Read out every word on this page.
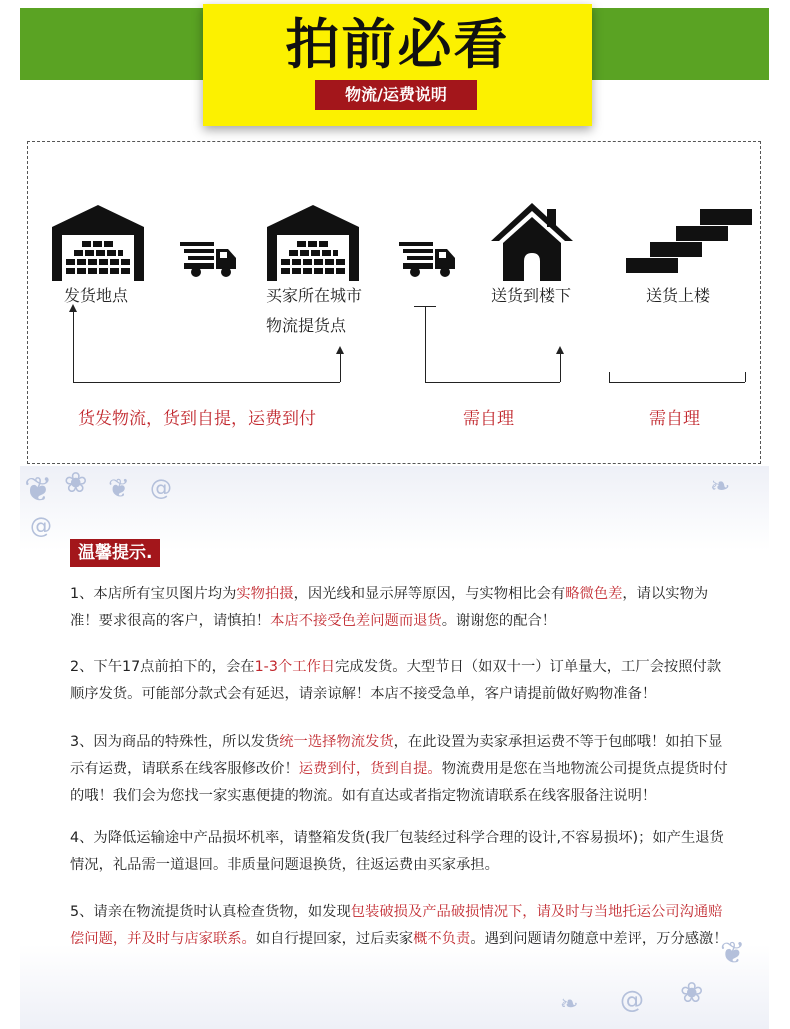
拍前必看
物流/运费说明
发货地点	买家所在城市
物流提货点
送货到楼下	送货上楼
货发物流，货到自提，运费到付	需自理	需自理
❦ ❀ ❦ @
@
❧
❦
❀
@
❧
温馨提示.
1、本店所有宝贝图片均为实物拍摄，因光线和显示屏等原因，与实物相比会有略微色差，请以实物为准！要求很高的客户，请慎拍！本店不接受色差问题而退货。谢谢您的配合！
2、下午17点前拍下的，会在1-3个工作日完成发货。大型节日（如双十一）订单量大，工厂会按照付款顺序发货。可能部分款式会有延迟，请亲谅解！本店不接受急单，客户请提前做好购物准备！
3、因为商品的特殊性，所以发货统一选择物流发货，在此设置为卖家承担运费不等于包邮哦！如拍下显示有运费，请联系在线客服修改价！运费到付，货到自提。物流费用是您在当地物流公司提货点提货时付的哦！我们会为您找一家实惠便捷的物流。如有直达或者指定物流请联系在线客服备注说明！
4、为降低运输途中产品损坏机率，请整箱发货(我厂包装经过科学合理的设计,不容易损坏)；如产生退货情况，礼品需一道退回。非质量问题退换货，往返运费由买家承担。
5、请亲在物流提货时认真检查货物，如发现包装破损及产品破损情况下，请及时与当地托运公司沟通赔偿问题，并及时与店家联系。如自行提回家，过后卖家概不负责。遇到问题请勿随意中差评，万分感激！
